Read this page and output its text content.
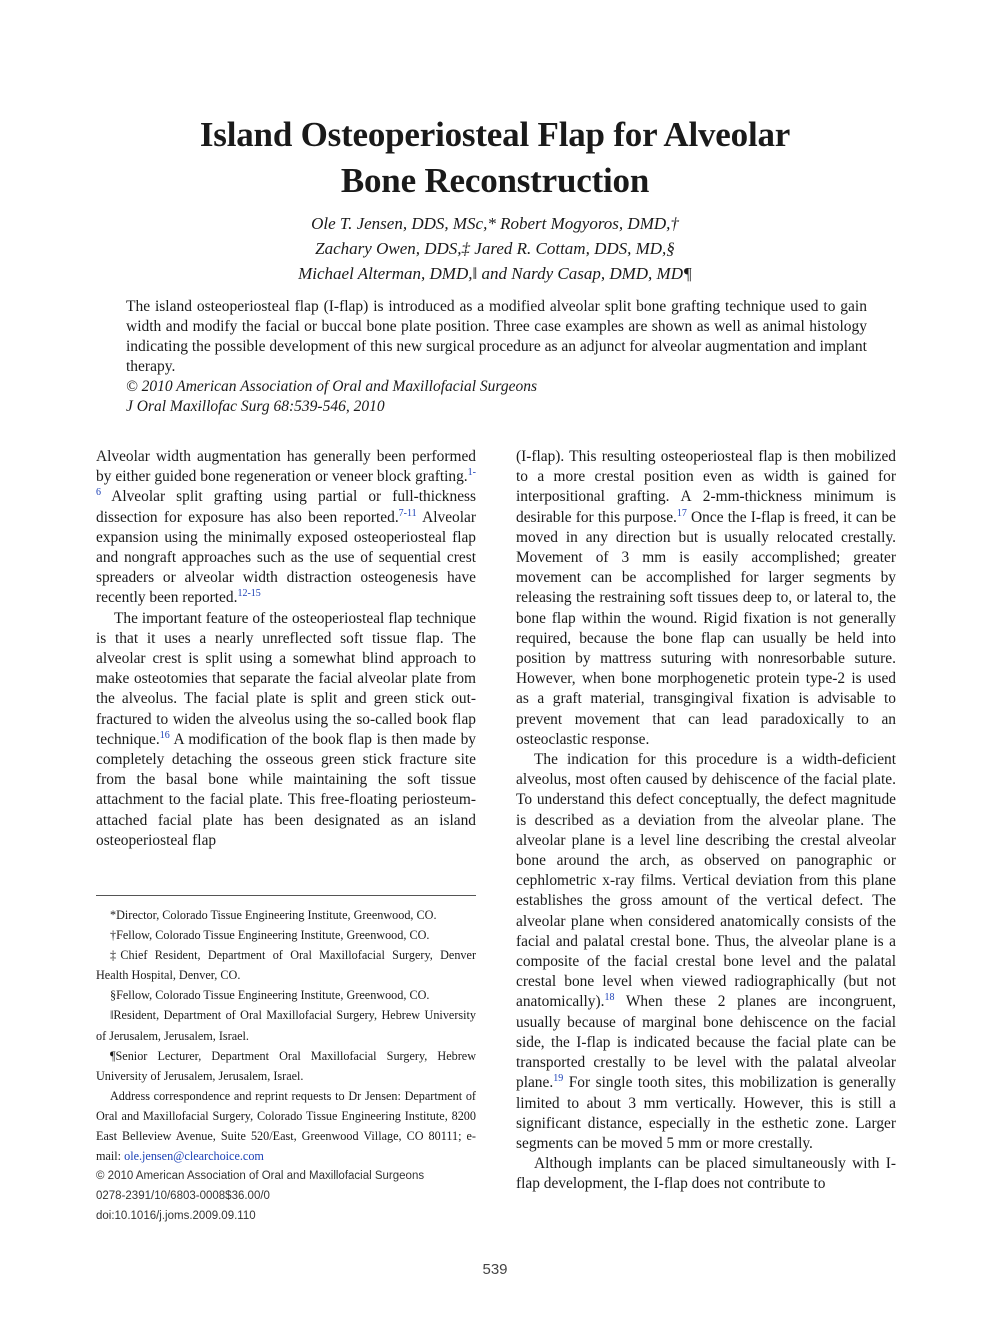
Island Osteoperiosteal Flap for Alveolar
Bone Reconstruction
Ole T. Jensen, DDS, MSc,* Robert Mogyoros, DMD,†
Zachary Owen, DDS,‡ Jared R. Cottam, DDS, MD,§
Michael Alterman, DMD,‖ and Nardy Casap, DMD, MD¶

The island osteoperiosteal flap (I-flap) is introduced as a modified alveolar split bone grafting technique used to gain width and modify the facial or buccal bone plate position. Three case examples are shown as well as animal histology indicating the possible development of this new surgical procedure as an adjunct for alveolar augmentation and implant therapy.

© 2010 American Association of Oral and Maxillofacial Surgeons

J Oral Maxillofac Surg 68:539-546, 2010

Alveolar width augmentation has generally been performed by either guided bone regeneration or veneer block grafting.$^{1-6}$ Alveolar split grafting using partial or full-thickness dissection for exposure has also been reported.$^{7-11}$ Alveolar expansion using the minimally exposed osteoperiosteal flap and nongraft approaches such as the use of sequential crest spreaders or alveolar width distraction osteogenesis have recently been reported.$^{12-15}$

The important feature of the osteoperiosteal flap technique is that it uses a nearly unreflected soft tissue flap. The alveolar crest is split using a somewhat blind approach to make osteotomies that separate the facial alveolar plate from the alveolus. The facial plate is split and green stick out-fractured to widen the alveolus using the so-called book flap technique.$^{16}$ A modification of the book flap is then made by completely detaching the osseous green stick fracture site from the basal bone while maintaining the soft tissue attachment to the facial plate. This free-floating periosteum-attached facial plate has been designated as an island osteoperiosteal flap

*Director, Colorado Tissue Engineering Institute, Greenwood, CO.

†Fellow, Colorado Tissue Engineering Institute, Greenwood, CO.

‡Chief Resident, Department of Oral Maxillofacial Surgery, Denver Health Hospital, Denver, CO.

§Fellow, Colorado Tissue Engineering Institute, Greenwood, CO.

‖Resident, Department of Oral Maxillofacial Surgery, Hebrew University of Jerusalem, Jerusalem, Israel.

¶Senior Lecturer, Department Oral Maxillofacial Surgery, Hebrew University of Jerusalem, Jerusalem, Israel.

Address correspondence and reprint requests to Dr Jensen: Department of Oral and Maxillofacial Surgery, Colorado Tissue Engineering Institute, 8200 East Belleview Avenue, Suite 520/East, Greenwood Village, CO 80111; e-mail: ole.jensen@clearchoice.com

© 2010 American Association of Oral and Maxillofacial Surgeons

0278-2391/10/6803-0008$36.00/0

doi:10.1016/j.joms.2009.09.110

(I-flap). This resulting osteoperiosteal flap is then mobilized to a more crestal position even as width is gained for interpositional grafting. A 2-mm-thickness minimum is desirable for this purpose.$^{17}$ Once the I-flap is freed, it can be moved in any direction but is usually relocated crestally. Movement of 3 mm is easily accomplished; greater movement can be accomplished for larger segments by releasing the restraining soft tissues deep to, or lateral to, the bone flap within the wound. Rigid fixation is not generally required, because the bone flap can usually be held into position by mattress suturing with nonresorbable suture. However, when bone morphogenetic protein type-2 is used as a graft material, transgingival fixation is advisable to prevent movement that can lead paradoxically to an osteoclastic response.

The indication for this procedure is a width-deficient alveolus, most often caused by dehiscence of the facial plate. To understand this defect conceptually, the defect magnitude is described as a deviation from the alveolar plane. The alveolar plane is a level line describing the crestal alveolar bone around the arch, as observed on panographic or cephlometric x-ray films. Vertical deviation from this plane establishes the gross amount of the vertical defect. The alveolar plane when considered anatomically consists of the facial and palatal crestal bone. Thus, the alveolar plane is a composite of the facial crestal bone level and the palatal crestal bone level when viewed radiographically (but not anatomically).$^{18}$ When these 2 planes are incongruent, usually because of marginal bone dehiscence on the facial side, the I-flap is indicated because the facial plate can be transported crestally to be level with the palatal alveolar plane.$^{19}$ For single tooth sites, this mobilization is generally limited to about 3 mm vertically. However, this is still a significant distance, especially in the esthetic zone. Larger segments can be moved 5 mm or more crestally.

Although implants can be placed simultaneously with I-flap development, the I-flap does not contribute to

539
